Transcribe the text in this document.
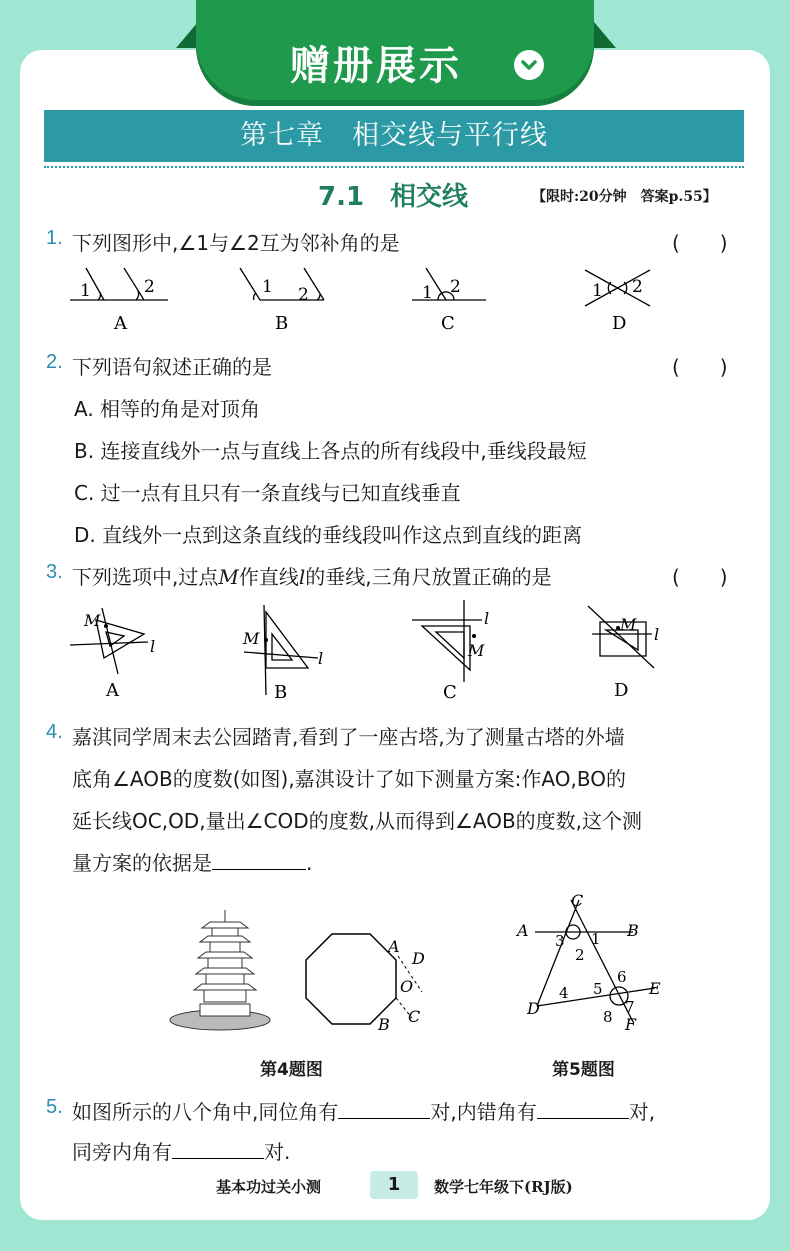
赠册展示
第七章　相交线与平行线
7.1　相交线	【限时:20分钟　答案p.55】
1. 下列图形中,∠1与∠2互为邻补角的是	(　　)
1	2	1 2	1 2	1 2
A	B	C	D
2. 下列语句叙述正确的是	(　　)
A. 相等的角是对顶角
B. 连接直线外一点与直线上各点的所有线段中,垂线段最短
C. 过一点有且只有一条直线与已知直线垂直
D. 直线外一点到这条直线的垂线段叫作这点到直线的距离
3. 下列选项中,过点M作直线l的垂线,三角尺放置正确的是	(　　)
M
l	M
l	M
l	M
l
A	B	C	D
4. 嘉淇同学周末去公园踏青,看到了一座古塔,为了测量古塔的外墙
底角∠AOB的度数(如图),嘉淇设计了如下测量方案:作AO,BO的
延长线OC,OD,量出∠COD的度数,从而得到∠AOB的度数,这个测
量方案的依据是	.
A
D
O
B C
第4题图
C
A	B
E
D
F
3 1
2
6
5
4
7
8
第5题图
5. 如图所示的八个角中,同位角有	对,内错角有	对,
同旁内角有	对.
基本功过关小测	1	数学七年级下(RJ版)
